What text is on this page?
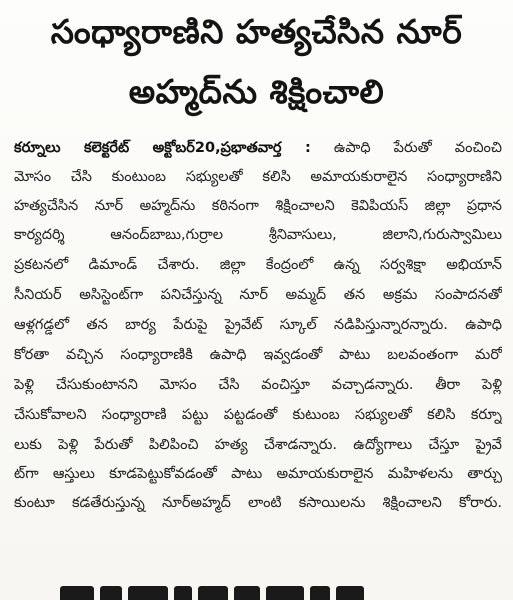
సంధ్యారాణిని హత్యచేసిన నూర్
అహ్మద్‌ను శిక్షించాలి
కర్నూలు కలెక్టరేట్ అక్టోబర్20,ప్రభాతవార్త : ఉపాధి పేరుతో వంచించి
మోసం చేసి కుంటుంబ సభ్యులతో కలిసి అమాయకురాలైన సంధ్యారాణిని
హత్యచేసిన నూర్ అహ్మద్‌ను కఠినంగా శిక్షించాలని కెవిపియస్ జిల్లా ప్రధాన
కార్యదర్శి ఆనంద్‌బాబు,గుర్రాల శ్రీనివాసులు, జిలాని,గురుస్వామిలు
ప్రకటనలో డిమాండ్ చేశారు. జిల్లా కేంద్రంలో ఉన్న సర్వశిక్షా అభియాన్
సీనియర్ అసిస్టెంట్‌గా పనిచేస్తున్న నూర్ అమ్మద్ తన అక్రమ సంపాదనతో
ఆళ్లగడ్డలో తన బార్య పేరుపై ప్రైవేట్ స్కూల్ నడిపిస్తున్నారన్నారు. ఉపాధి
కోరతా వచ్చిన సంధ్యారాణికి ఉపాధి ఇవ్వడంతో పాటు బలవంతంగా మరో
పెళ్లి చేసుకుంటానని మోసం చేసి వంచిస్తూ వచ్చాడన్నారు. తీరా పెళ్లి
చేసుకోవాలని సంధ్యారాణి పట్టు పట్టడంతో కుటుంబ సభ్యులతో కలిసి కర్నూ
లుకు పెళ్లి పేరుతో పిలిపించి హత్య చేశాడన్నారు. ఉద్యోగాలు చేస్తూ ప్రైవే
ట్‌గా ఆస్తులు కూడపెట్టుకోవడంతో పాటు అమాయకురాలైన మహిళలను తార్చు
కుంటూ కడతేరుస్తున్న నూర్‌అహ్మద్ లాంటి కసాయిలను శిక్షించాలని కోరారు.
